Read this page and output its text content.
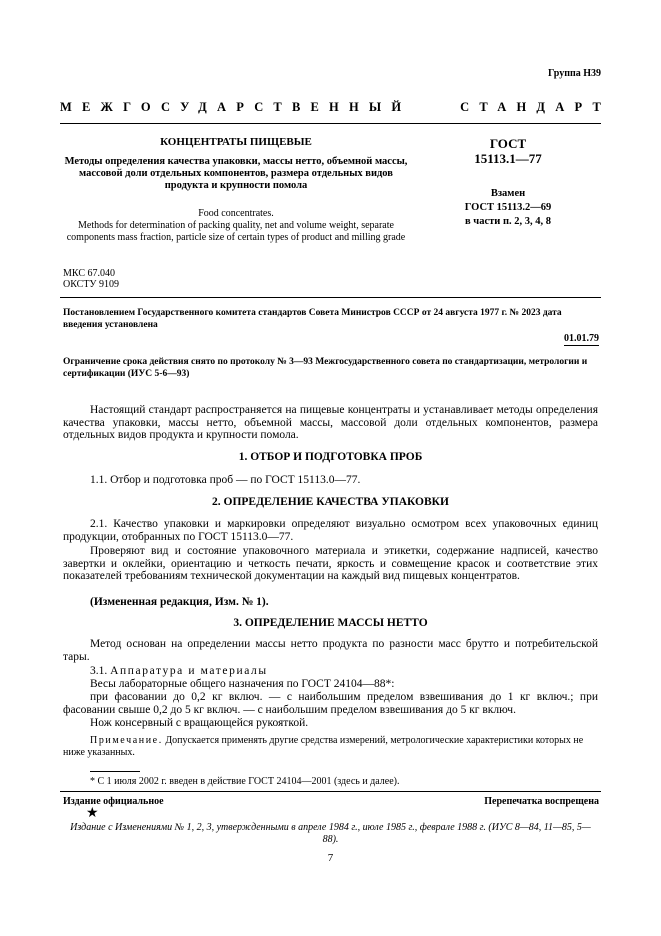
Группа Н39
МЕЖГОСУДАРСТВЕННЫЙ	СТАНДАРТ
КОНЦЕНТРАТЫ ПИЩЕВЫЕ
Методы определения качества упаковки, массы нетто, объемной массы, массовой доли отдельных компонентов, размера отдельных видов продукта и крупности помола
Food concentrates.
Methods for determination of packing quality, net and volume weight, separate components mass fraction, particle size of certain types of product and milling grade
ГОСТ
15113.1—77
Взамен
ГОСТ 15113.2—69
в части п. 2, 3, 4, 8
МКС 67.040
ОКСТУ 9109
Постановлением Государственного комитета стандартов Совета Министров СССР от 24 августа 1977 г. № 2023 дата введения установлена
01.01.79
Ограничение срока действия снято по протоколу № 3—93 Межгосударственного совета по стандартизации, метрологии и сертификации (ИУС 5-6—93)
Настоящий стандарт распространяется на пищевые концентраты и устанавливает методы определения качества упаковки, массы нетто, объемной массы, массовой доли отдельных компонентов, размера отдельных видов продукта и крупности помола.
1. ОТБОР И ПОДГОТОВКА ПРОБ
1.1. Отбор и подготовка проб — по ГОСТ 15113.0—77.
2. ОПРЕДЕЛЕНИЕ КАЧЕСТВА УПАКОВКИ
2.1. Качество упаковки и маркировки определяют визуально осмотром всех упаковочных единиц продукции, отобранных по ГОСТ 15113.0—77.
Проверяют вид и состояние упаковочного материала и этикетки, содержание надписей, качество завертки и оклейки, ориентацию и четкость печати, яркость и совмещение красок и соответствие этих показателей требованиям технической документации на каждый вид пищевых концентратов.
(Измененная редакция, Изм. № 1).
3. ОПРЕДЕЛЕНИЕ МАССЫ НЕТТО
Метод основан на определении массы нетто продукта по разности масс брутто и потребительской тары.
3.1. Аппаратура и материалы
Весы лабораторные общего назначения по ГОСТ 24104—88*:
при фасовании до 0,2 кг включ. — с наибольшим пределом взвешивания до 1 кг включ.; при фасовании свыше 0,2 до 5 кг включ. — с наибольшим пределом взвешивания до 5 кг включ.
Нож консервный с вращающейся рукояткой.
Примечание. Допускается применять другие средства измерений, метрологические характеристики которых не ниже указанных.
* С 1 июля 2002 г. введен в действие ГОСТ 24104—2001 (здесь и далее).
Издание официальное	Перепечатка воспрещена
★
Издание с Изменениями № 1, 2, 3, утвержденными в апреле 1984 г., июле 1985 г., феврале 1988 г. (ИУС 8—84, 11—85, 5—88).
7
